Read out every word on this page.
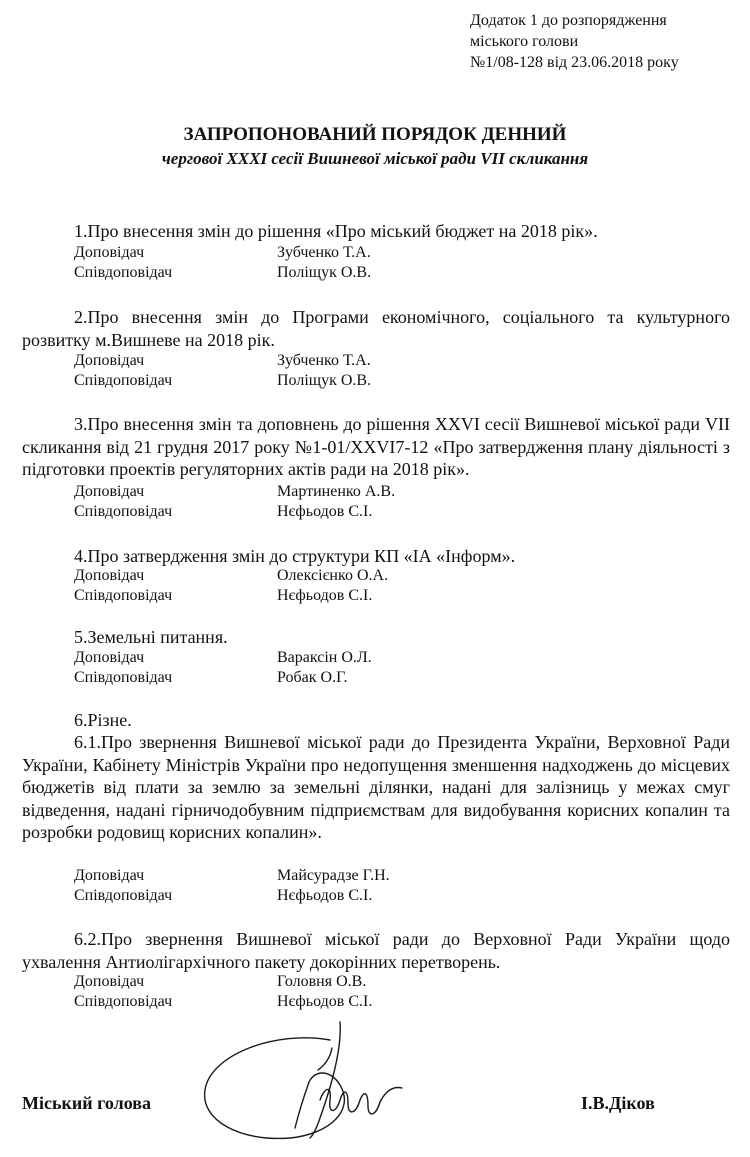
Додаток 1 до розпорядження
міського голови
№1/08-128 від 23.06.2018 року
ЗАПРОПОНОВАНИЙ ПОРЯДОК ДЕННИЙ
чергової XXXI сесії Вишневої міської ради VII скликання
1.Про внесення змін до рішення «Про міський бюджет на 2018 рік».
Доповідач	Зубченко Т.А.
Співдоповідач	Поліщук О.В.
2.Про внесення змін до Програми економічного, соціального та культурного розвитку м.Вишневе на 2018 рік.
Доповідач	Зубченко Т.А.
Співдоповідач	Поліщук О.В.
3.Про внесення змін та доповнень до рішення XXVI сесії Вишневої міської ради VII скликання від 21 грудня 2017 року №1-01/XXVI7-12 «Про затвердження плану діяльності з підготовки проектів регуляторних актів ради на 2018 рік».
Доповідач	Мартиненко А.В.
Співдоповідач	Нєфьодов С.І.
4.Про затвердження змін до структури КП «ІА «Інформ».
Доповідач	Олексієнко О.А.
Співдоповідач	Нєфьодов С.І.
5.Земельні питання.
Доповідач	Вараксін О.Л.
Співдоповідач	Робак О.Г.
6.Різне.
6.1.Про звернення Вишневої міської ради до Президента України, Верховної Ради України, Кабінету Міністрів України про недопущення зменшення надходжень до місцевих бюджетів від плати за землю за земельні ділянки, надані для залізниць у межах смуг відведення, надані гірничодобувним підприємствам для видобування корисних копалин та розробки родовищ корисних копалин».
Доповідач	Майсурадзе Г.Н.
Співдоповідач	Нєфьодов С.І.
6.2.Про звернення Вишневої міської ради до Верховної Ради України щодо ухвалення Антиолігархічного пакету докорінних перетворень.
Доповідач	Головня О.В.
Співдоповідач	Нєфьодов С.І.
Міський голова	І.В.Діков
